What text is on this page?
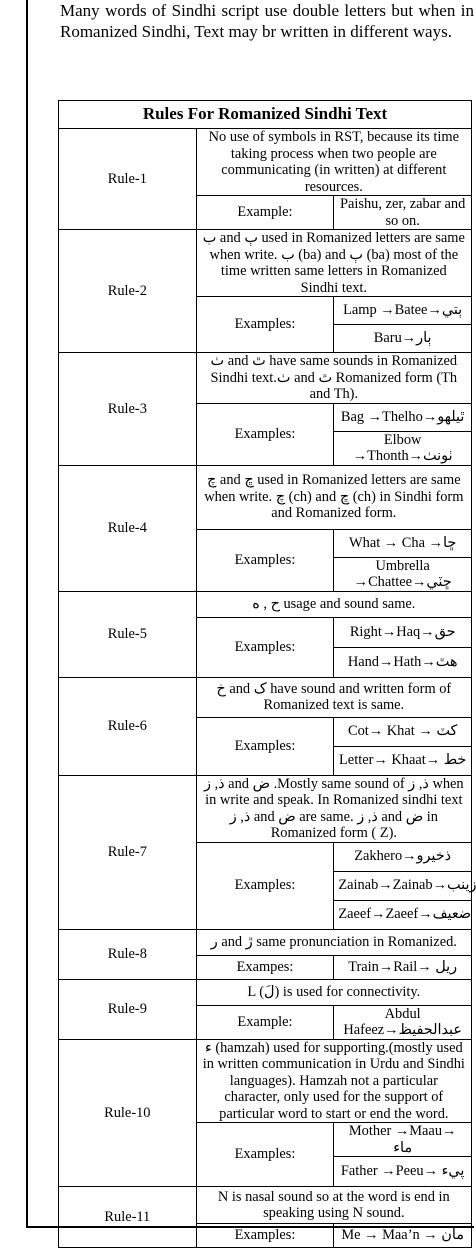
Many words of Sindhi script use double letters but when in Romanized Sindhi, Text may br written in different ways.
Rules For Romanized Sindhi Text		
Rule-1	No use of symbols in RST, because its time taking process when two people are communicating (in written) at different resources.	
	Example:	Paishu, zer, zabar and so on.
Rule-2	ب and ٻ used in Romanized letters are same when write. ب (ba) and ٻ (ba) most of the time written same letters in Romanized Sindhi text.	
	Examples:	Lamp →Batee→ٻتي
		Baru→ٻار
Rule-3	ٺ and ٿ have same sounds in Romanized Sindhi text.ٺ and ٿ Romanized form (Th and Th).	
	Examples:	Bag →Thelho→ٿيلهو
		Elbow →Thonth→ٺونٺ
Rule-4	چ and ڇ used in Romanized letters are same when write. چ (ch) and ڇ (ch) in Sindhi form and Romanized form.	
	Examples:	What → Cha →ڇا
		Umbrella →Chattee→ڇٽي
Rule-5	ح , ه usage and sound same.	
	Examples:	Right→Haq→حق
		Hand→Hath→هٿ
Rule-6	خ and ک have sound and written form of Romanized text is same.	
	Examples:	Cot→ Khat → کٽ
		Letter→ Khaat→ خط
Rule-7	ذ, ز and ض .Mostly same sound of ذ, ز when in write and speak. In Romanized sindhi text ذ, ز and ض are same. ذ, ز and ض in Romanized form ( Z).	
	Examples:	Zakhero→ذخيرو
		Zainab→Zainab→زينب
		Zaeef→Zaeef→ضعيف
Rule-8	ر and ڙ same pronunciation in Romanized.	
	Exampes:	Train→Rail→ ريل
Rule-9	L (لَ) is used for connectivity.	
	Example:	Abdul Hafeez→عبدالحفيظ
Rule-10	ء (hamzah) used for supporting.(mostly used in written communication in Urdu and Sindhi languages). Hamzah not a particular character, only used for the support of particular word to start or end the word.	
	Examples:	Mother →Maau→ ماء
		Father →Peeu→ پيء
Rule-11	N is nasal sound so at the word is end in speaking using N sound.	
	Examples:	Me → Maa’n → مان
